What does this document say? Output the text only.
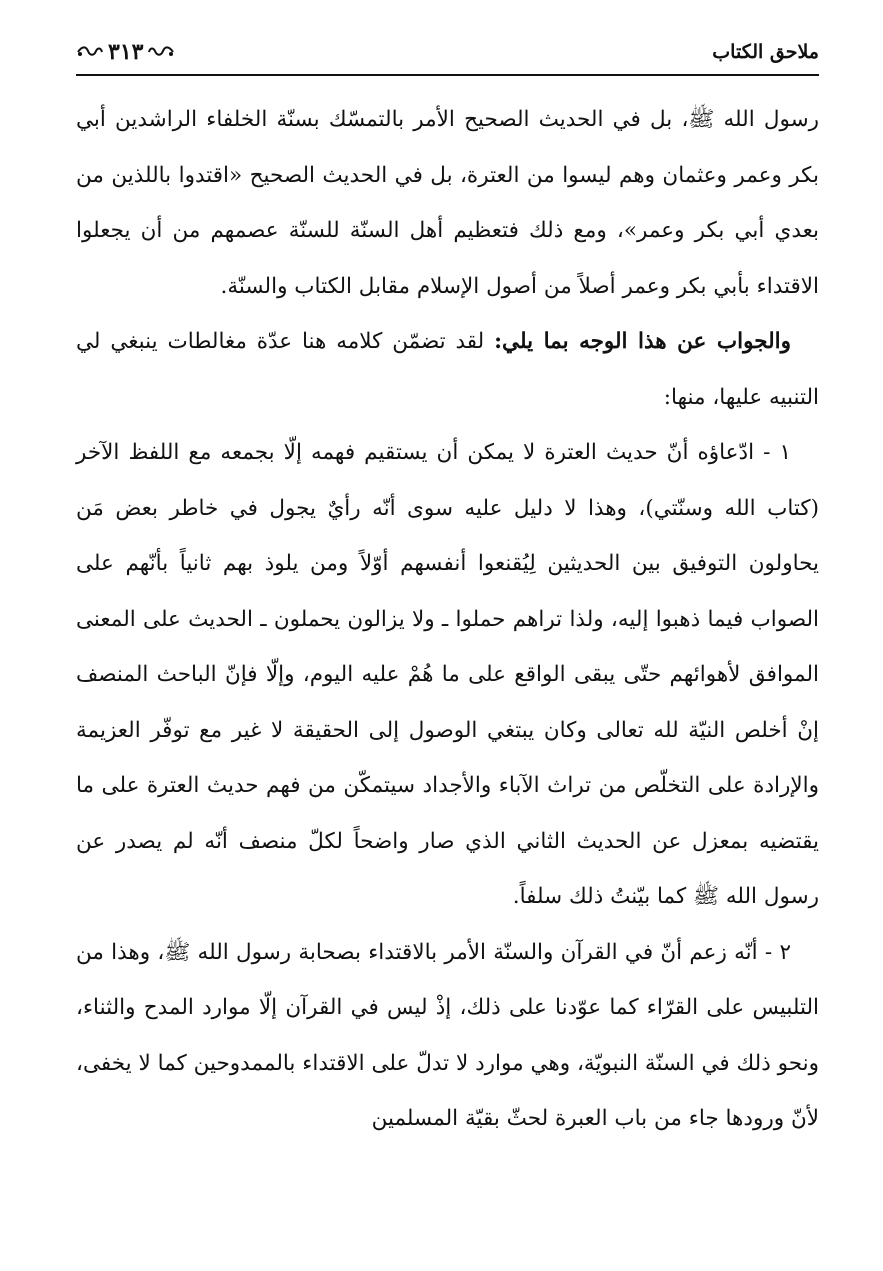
ملاحق الكتاب
٣١٣

رسول الله ﷺ، بل في الحديث الصحيح الأمر بالتمسّك بسنّة الخلفاء الراشدين أبي بكر وعمر وعثمان وهم ليسوا من العترة، بل في الحديث الصحيح «اقتدوا باللذين من بعدي أبي بكر وعمر»، ومع ذلك فتعظيم أهل السنّة للسنّة عصمهم من أن يجعلوا الاقتداء بأبي بكر وعمر أصلاً من أصول الإسلام مقابل الكتاب والسنّة.

والجواب عن هذا الوجه بما يلي: لقد تضمّن كلامه هنا عدّة مغالطات ينبغي لي التنبيه عليها، منها:

١ - ادّعاؤه أنّ حديث العترة لا يمكن أن يستقيم فهمه إلّا بجمعه مع اللفظ الآخر (كتاب الله وسنّتي)، وهذا لا دليل عليه سوى أنّه رأيٌ يجول في خاطر بعض مَن يحاولون التوفيق بين الحديثين لِيُقنعوا أنفسهم أوّلاً ومن يلوذ بهم ثانياً بأنّهم على الصواب فيما ذهبوا إليه، ولذا تراهم حملوا ـ ولا يزالون يحملون ـ الحديث على المعنى الموافق لأهوائهم حتّى يبقى الواقع على ما هُمْ عليه اليوم، وإلّا فإنّ الباحث المنصف إنْ أخلص النيّة لله تعالى وكان يبتغي الوصول إلى الحقيقة لا غير مع توفّر العزيمة والإرادة على التخلّص من تراث الآباء والأجداد سيتمكّن من فهم حديث العترة على ما يقتضيه بمعزل عن الحديث الثاني الذي صار واضحاً لكلّ منصف أنّه لم يصدر عن رسول الله ﷺ كما بيّنتُ ذلك سلفاً.

٢ - أنّه زعم أنّ في القرآن والسنّة الأمر بالاقتداء بصحابة رسول الله ﷺ، وهذا من التلبيس على القرّاء كما عوّدنا على ذلك، إذْ ليس في القرآن إلّا موارد المدح والثناء، ونحو ذلك في السنّة النبويّة، وهي موارد لا تدلّ على الاقتداء بالممدوحين كما لا يخفى، لأنّ ورودها جاء من باب العبرة لحثّ بقيّة المسلمين
